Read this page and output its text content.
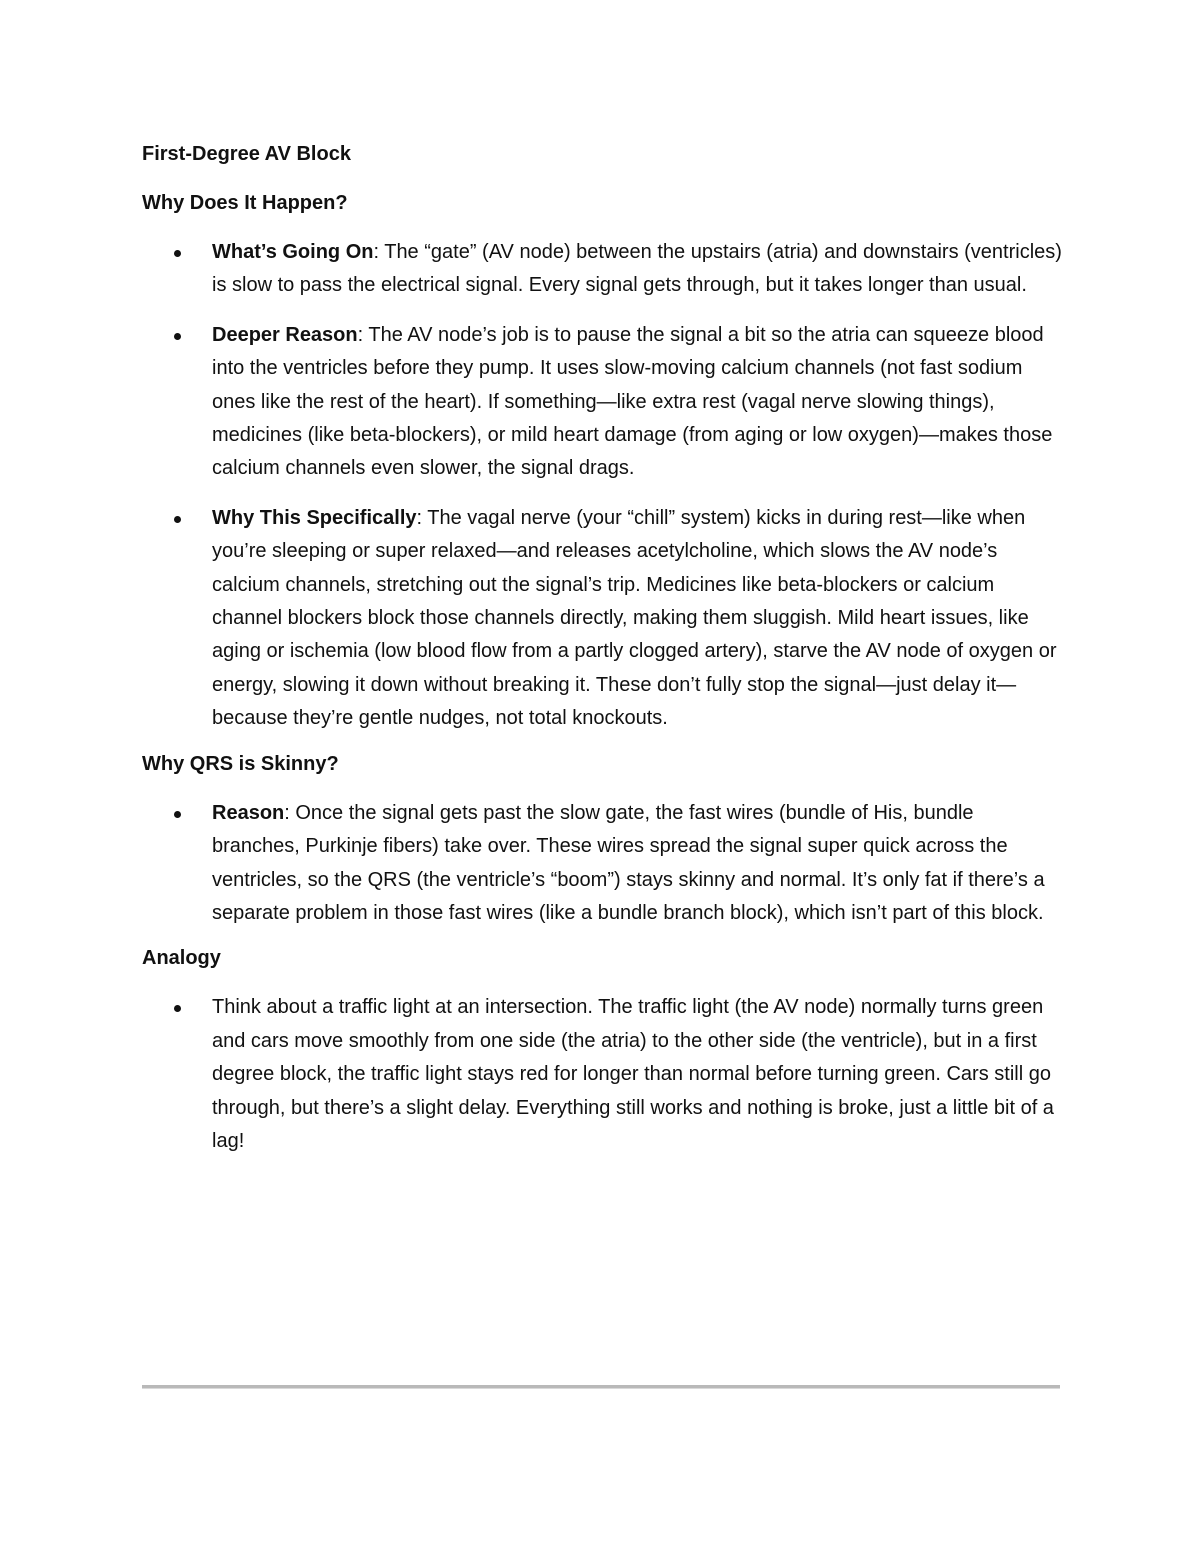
First-Degree AV Block

Why Does It Happen?

What’s Going On: The “gate” (AV node) between the upstairs (atria) and downstairs (ventricles) is slow to pass the electrical signal. Every signal gets through, but it takes longer than usual.
Deeper Reason: The AV node’s job is to pause the signal a bit so the atria can squeeze blood into the ventricles before they pump. It uses slow-moving calcium channels (not fast sodium ones like the rest of the heart). If something—like extra rest (vagal nerve slowing things), medicines (like beta-blockers), or mild heart damage (from aging or low oxygen)—makes those calcium channels even slower, the signal drags.
Why This Specifically: The vagal nerve (your “chill” system) kicks in during rest—like when you’re sleeping or super relaxed—and releases acetylcholine, which slows the AV node’s calcium channels, stretching out the signal’s trip. Medicines like beta-blockers or calcium channel blockers block those channels directly, making them sluggish. Mild heart issues, like aging or ischemia (low blood flow from a partly clogged artery), starve the AV node of oxygen or energy, slowing it down without breaking it. These don’t fully stop the signal—just delay it—because they’re gentle nudges, not total knockouts.

Why QRS is Skinny?

Reason: Once the signal gets past the slow gate, the fast wires (bundle of His, bundle branches, Purkinje fibers) take over. These wires spread the signal super quick across the ventricles, so the QRS (the ventricle’s “boom”) stays skinny and normal. It’s only fat if there’s a separate problem in those fast wires (like a bundle branch block), which isn’t part of this block.

Analogy

Think about a traffic light at an intersection. The traffic light (the AV node) normally turns green and cars move smoothly from one side (the atria) to the other side (the ventricle), but in a first degree block, the traffic light stays red for longer than normal before turning green. Cars still go through, but there’s a slight delay. Everything still works and nothing is broke, just a little bit of a lag!
